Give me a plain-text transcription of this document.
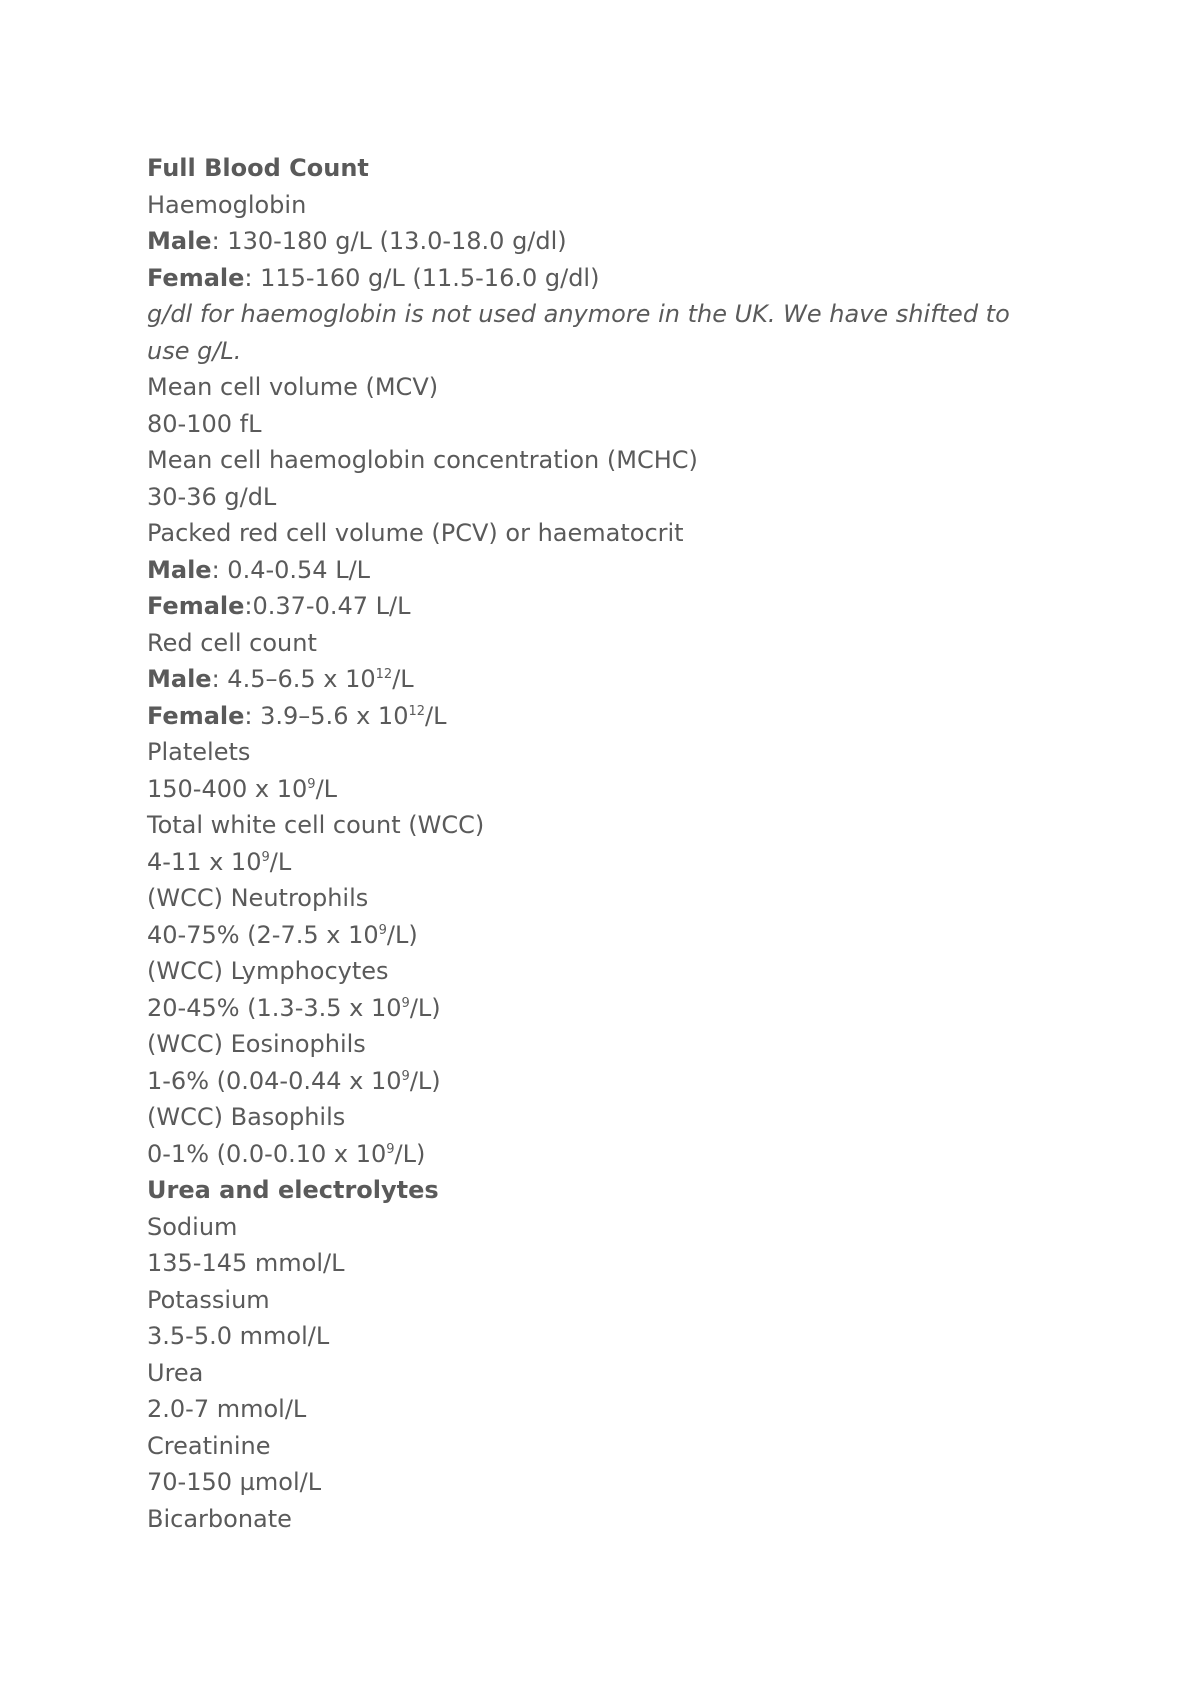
Full Blood Count
Haemoglobin
Male: 130-180 g/L (13.0-18.0 g/dl)
Female: 115-160 g/L (11.5-16.0 g/dl)
g/dl for haemoglobin is not used anymore in the UK. We have shifted to use g/L.
Mean cell volume (MCV)
80-100 fL
Mean cell haemoglobin concentration (MCHC)
30-36 g/dL
Packed red cell volume (PCV) or haematocrit
Male: 0.4-0.54 L/L
Female:0.37-0.47 L/L
Red cell count
Male: 4.5–6.5 x $10^{12}/L$
Female: 3.9–5.6 x $10^{12}/L$
Platelets
150-400 x $10^9/L$
Total white cell count (WCC)
4-11 x $10^9/L$
(WCC) Neutrophils
40-75% (2-7.5 x $10^9/L$)
(WCC) Lymphocytes
20-45% (1.3-3.5 x $10^9/L$)
(WCC) Eosinophils
1-6% (0.04-0.44 x $10^9/L$)
(WCC) Basophils
0-1% (0.0-0.10 x $10^9/L$)
Urea and electrolytes
Sodium
135-145 mmol/L
Potassium
3.5-5.0 mmol/L
Urea
2.0-7 mmol/L
Creatinine
70-150 µmol/L
Bicarbonate
